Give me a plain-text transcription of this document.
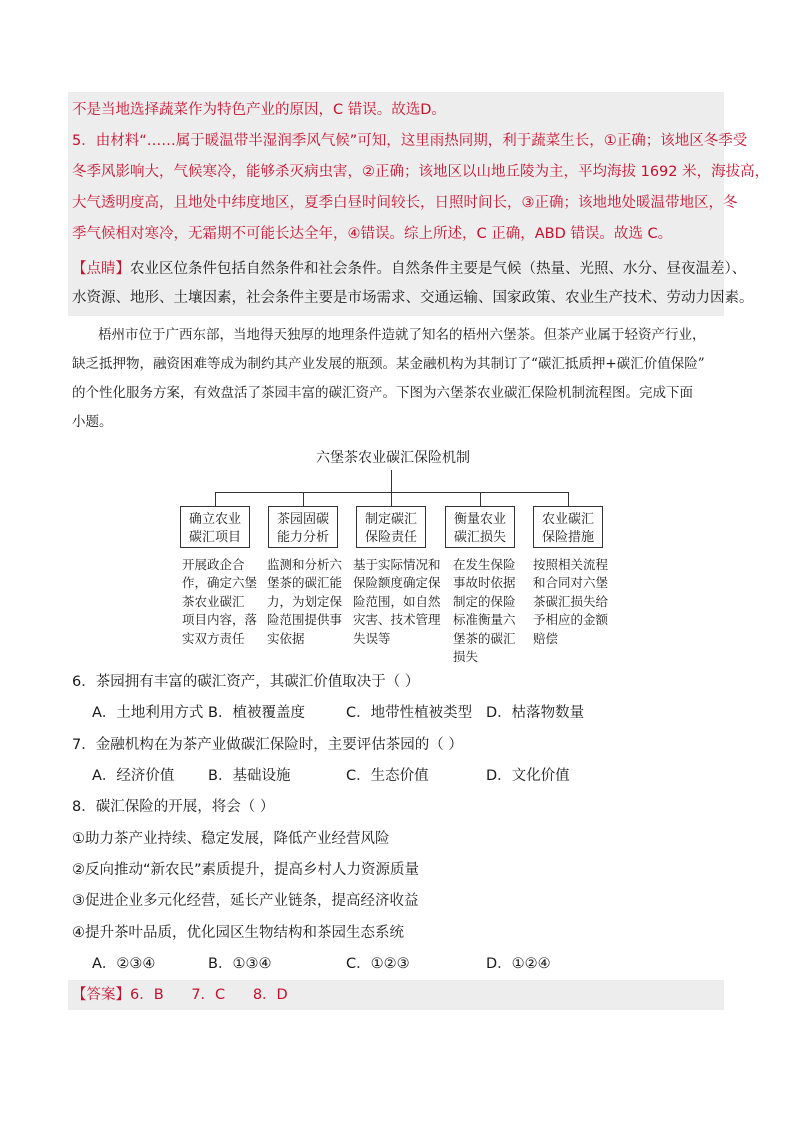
不是当地选择蔬菜作为特色产业的原因，C 错误。故选D。
5．由材料“……属于暖温带半湿润季风气候”可知，这里雨热同期，利于蔬菜生长，①正确；该地区冬季受
冬季风影响大，气候寒冷，能够杀灭病虫害，②正确；该地区以山地丘陵为主，平均海拔 1692 米，海拔高，
大气透明度高，且地处中纬度地区，夏季白昼时间较长，日照时间长，③正确；该地地处暖温带地区，冬
季气候相对寒冷，无霜期不可能长达全年，④错误。综上所述，C 正确，ABD 错误。故选 C。
【点睛】农业区位条件包括自然条件和社会条件。自然条件主要是气候（热量、光照、水分、昼夜温差）、
水资源、地形、土壤因素，社会条件主要是市场需求、交通运输、国家政策、农业生产技术、劳动力因素。
梧州市位于广西东部，当地得天独厚的地理条件造就了知名的梧州六堡茶。但茶产业属于轻资产行业，
缺乏抵押物，融资困难等成为制约其产业发展的瓶颈。某金融机构为其制订了“碳汇抵质押+碳汇价值保险”
的个性化服务方案，有效盘活了茶园丰富的碳汇资产。下图为六堡茶农业碳汇保险机制流程图。完成下面
小题。
六堡茶农业碳汇保险机制
确立农业
碳汇项目
茶园固碳
能力分析
制定碳汇
保险责任
衡量农业
碳汇损失
农业碳汇
保险措施
开展政企合
作，确定六堡
茶农业碳汇
项目内容，落
实双方责任
监测和分析六
堡茶的碳汇能
力，为划定保
险范围提供事
实依据
基于实际情况和
保险额度确定保
险范围，如自然
灾害、技术管理
失误等
在发生保险
事故时依据
制定的保险
标准衡量六
堡茶的碳汇
损失
按照相关流程
和合同对六堡
茶碳汇损失给
予相应的金额
赔偿
6．茶园拥有丰富的碳汇资产，其碳汇价值取决于（ ）
A．土地利用方式 B．植被覆盖度	C．地带性植被类型 D．枯落物数量
7．金融机构在为茶产业做碳汇保险时，主要评估茶园的（ ）
A．经济价值 B．基础设施	C．生态价值	D．文化价值
8．碳汇保险的开展，将会（ ）
①助力茶产业持续、稳定发展，降低产业经营风险
②反向推动“新农民”素质提升，提高乡村人力资源质量
③促进企业多元化经营，延长产业链条，提高经济收益
④提升茶叶品质，优化园区生物结构和茶园生态系统
A．②③④	B．①③④	C．①②③	D．①②④
【答案】6．B      7．C      8．D
